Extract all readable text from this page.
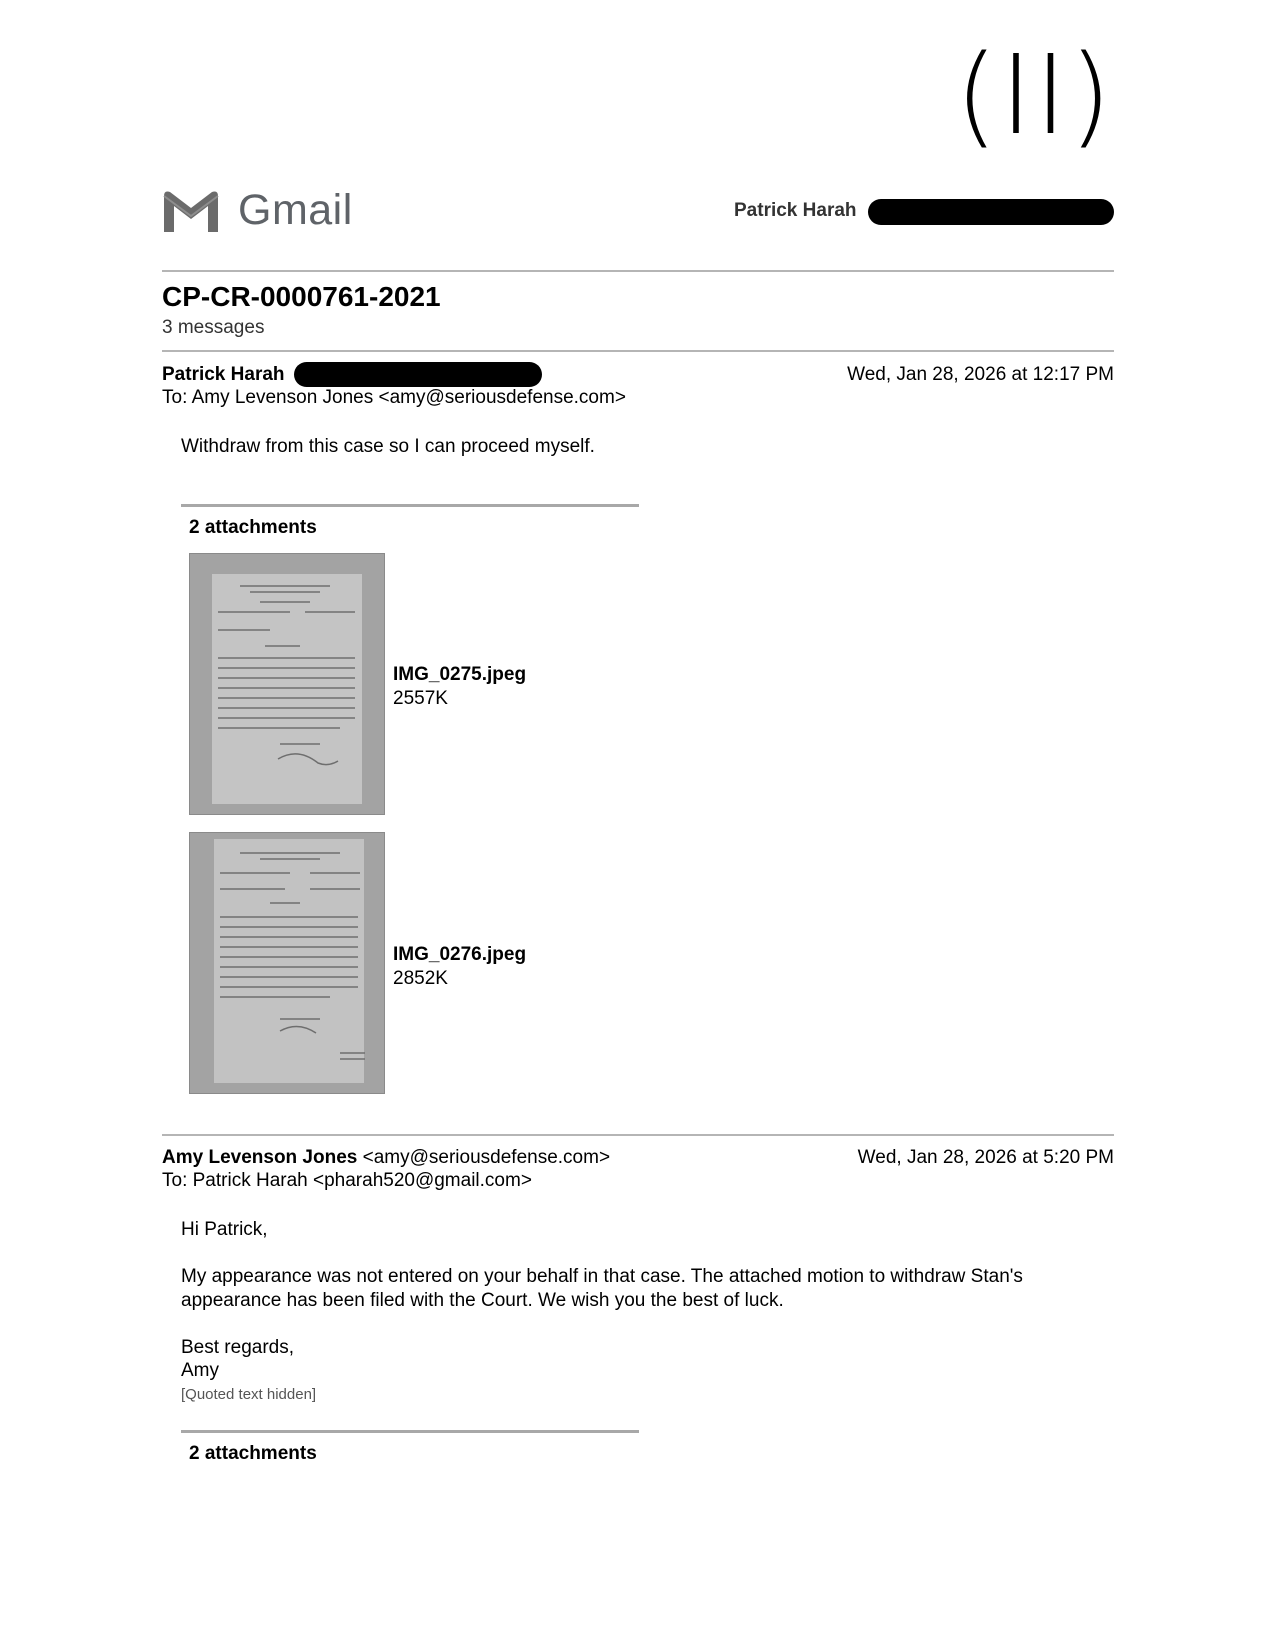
(II)
Gmail	Patrick Harah
CP-CR-0000761-2021
3 messages
Patrick Harah	Wed, Jan 28, 2026 at 12:17 PM
To: Amy Levenson Jones <amy@seriousdefense.com>
Withdraw from this case so I can proceed myself.
2 attachments
IMG_0275.jpeg
2557K
IMG_0276.jpeg
2852K
Amy Levenson Jones <amy@seriousdefense.com>	Wed, Jan 28, 2026 at 5:20 PM
To: Patrick Harah <pharah520@gmail.com>
Hi Patrick,
My appearance was not entered on your behalf in that case. The attached motion to withdraw Stan's
appearance has been filed with the Court. We wish you the best of luck.
Best regards,
Amy
[Quoted text hidden]
2 attachments
